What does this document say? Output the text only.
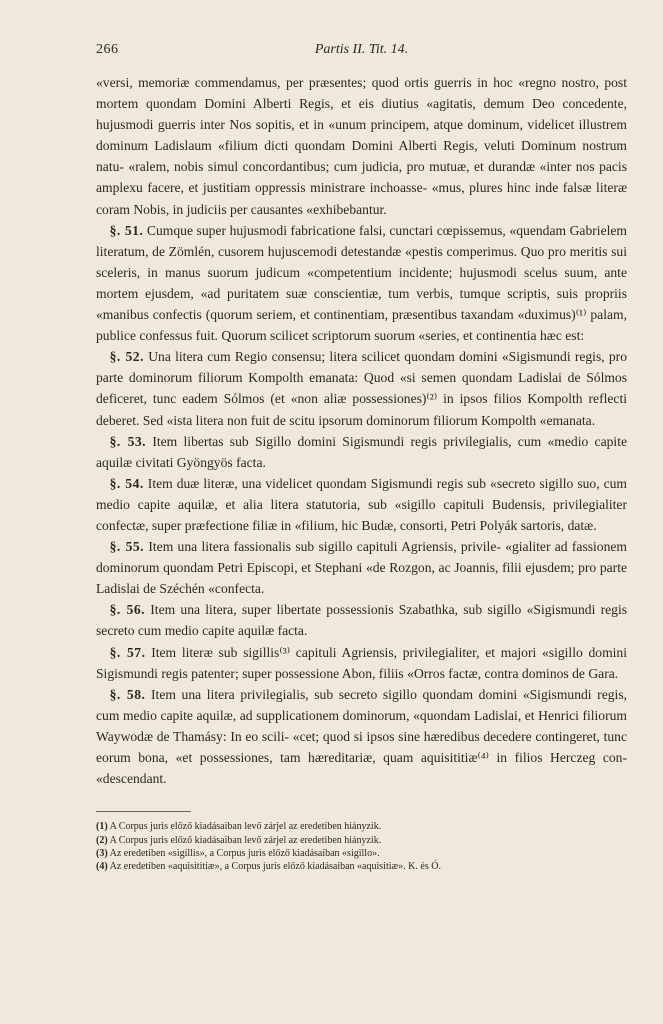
266	Partis II. Tit. 14.

«versi, memoriæ commendamus, per præsentes; quod ortis guerris in hoc «regno nostro, post mortem quondam Domini Alberti Regis, et eis diutius «agitatis, demum Deo concedente, hujusmodi guerris inter Nos sopitis, et in «unum principem, atque dominum, videlicet illustrem dominum Ladislaum «filium dicti quondam Domini Alberti Regis, veluti Dominum nostrum natu- «ralem, nobis simul concordantibus; cum judicia, pro mutuæ, et durandæ «inter nos pacis amplexu facere, et justitiam oppressis ministrare inchoasse- «mus, plures hinc inde falsæ literæ coram Nobis, in judiciis per causantes «exhibebantur.

 §. 51. Cumque super hujusmodi fabricatione falsi, cunctari cœpissemus, «quendam Gabrielem literatum, de Zömlén, cusorem hujuscemodi detestandæ «pestis comperimus. Quo pro meritis sui sceleris, in manus suorum judicum «competentium incidente; hujusmodi scelus suum, ante mortem ejusdem, «ad puritatem suæ conscientiæ, tum verbis, tumque scriptis, suis propriis «manibus confectis (quorum seriem, et continentiam, præsentibus taxandam «duximus)⁽¹⁾ palam, publice confessus fuit. Quorum scilicet scriptorum suorum «series, et continentia hæc est:

 §. 52. Una litera cum Regio consensu; litera scilicet quondam domini «Sigismundi regis, pro parte dominorum filiorum Kompolth emanata: Quod «si semen quondam Ladislai de Sólmos deficeret, tunc eadem Sólmos (et «non aliæ possessiones)⁽²⁾ in ipsos filios Kompolth reflecti deberet. Sed «ista litera non fuit de scitu ipsorum dominorum filiorum Kompolth «emanata.

 §. 53. Item libertas sub Sigillo domini Sigismundi regis privilegialis, cum «medio capite aquilæ civitati Gyöngyös facta.

 §. 54. Item duæ literæ, una videlicet quondam Sigismundi regis sub «secreto sigillo suo, cum medio capite aquilæ, et alia litera statutoria, sub «sigillo capituli Budensis, privilegialiter confectæ, super præfectione filiæ in «filium, hic Budæ, consorti, Petri Polyák sartoris, datæ.

 §. 55. Item una litera fassionalis sub sigillo capituli Agriensis, privile- «gialiter ad fassionem dominorum quondam Petri Episcopi, et Stephani «de Rozgon, ac Joannis, filii ejusdem; pro parte Ladislai de Széchén «confecta.

 §. 56. Item una litera, super libertate possessionis Szabathka, sub sigillo «Sigismundi regis secreto cum medio capite aquilæ facta.

 §. 57. Item literæ sub sigillis⁽³⁾ capituli Agriensis, privilegialiter, et majori «sigillo domini Sigismundi regis patenter; super possessione Abon, filiis «Orros factæ, contra dominos de Gara.

 §. 58. Item una litera privilegialis, sub secreto sigillo quondam domini «Sigismundi regis, cum medio capite aquilæ, ad supplicationem dominorum, «quondam Ladislai, et Henrici filiorum Waywodæ de Thamásy: In eo scili- «cet; quod si ipsos sine hæredibus decedere contingeret, tunc eorum bona, «et possessiones, tam hæreditariæ, quam aquisititiæ⁽⁴⁾ in filios Herczeg con- «descendant.

(1) A Corpus juris előző kiadásaiban levő zárjel az eredetiben hiányzik.
(2) A Corpus juris előző kiadásaiban levő zárjel az eredetiben hiányzik.
(3) Az eredetiben «sigillis», a Corpus juris előző kiadásaiban «sigillo».
(4) Az eredetiben «aquisititiæ», a Corpus juris előző kiadásaiban «aquisitiæ». K. és Ó.
